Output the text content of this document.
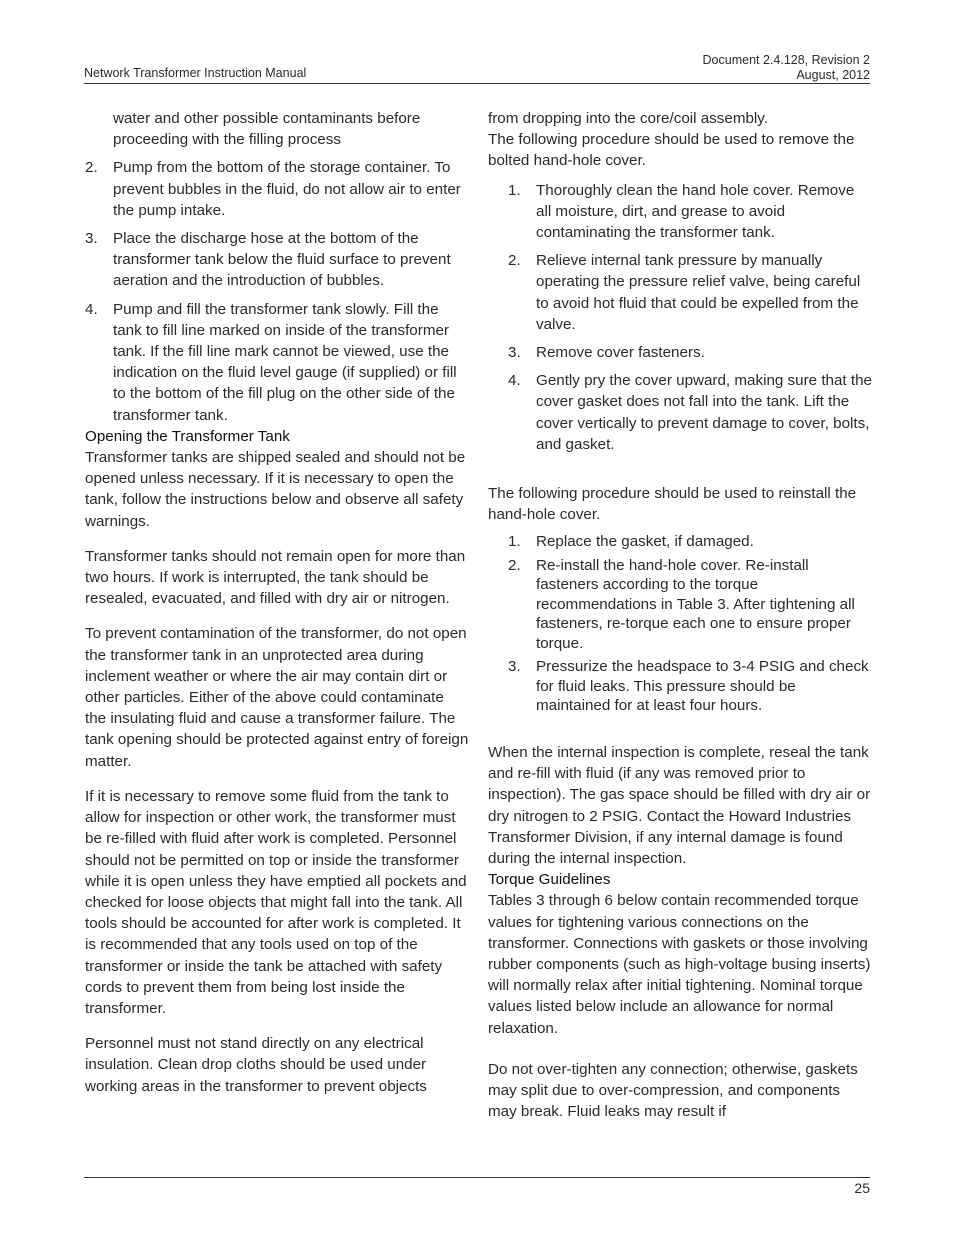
Network Transformer Instruction Manual
Document 2.4.128, Revision 2
August, 2012

water and other possible contaminants before proceeding with the filling process

2. Pump from the bottom of the storage container. To prevent bubbles in the fluid, do not allow air to enter the pump intake.
3. Place the discharge hose at the bottom of the transformer tank below the fluid surface to prevent aeration and the introduction of bubbles.
4. Pump and fill the transformer tank slowly. Fill the tank to fill line marked on inside of the transformer tank. If the fill line mark cannot be viewed, use the indication on the fluid level gauge (if supplied) or fill to the bottom of the fill plug on the other side of the transformer tank.
Opening the Transformer Tank

Transformer tanks are shipped sealed and should not be opened unless necessary. If it is necessary to open the tank, follow the instructions below and observe all safety warnings.

Transformer tanks should not remain open for more than two hours. If work is interrupted, the tank should be resealed, evacuated, and filled with dry air or nitrogen.

To prevent contamination of the transformer, do not open the transformer tank in an unprotected area during inclement weather or where the air may contain dirt or other particles. Either of the above could contaminate the insulating fluid and cause a transformer failure. The tank opening should be protected against entry of foreign matter.

If it is necessary to remove some fluid from the tank to allow for inspection or other work, the transformer must be re-filled with fluid after work is completed. Personnel should not be permitted on top or inside the transformer while it is open unless they have emptied all pockets and checked for loose objects that might fall into the tank. All tools should be accounted for after work is completed. It is recommended that any tools used on top of the transformer or inside the tank be attached with safety cords to prevent them from being lost inside the transformer.

Personnel must not stand directly on any electrical insulation. Clean drop cloths should be used under working areas in the transformer to prevent objects

from dropping into the core/coil assembly.

The following procedure should be used to remove the bolted hand-hole cover.

1. Thoroughly clean the hand hole cover. Remove all moisture, dirt, and grease to avoid contaminating the transformer tank.
2. Relieve internal tank pressure by manually operating the pressure relief valve, being careful to avoid hot fluid that could be expelled from the valve.
3. Remove cover fasteners.
4. Gently pry the cover upward, making sure that the cover gasket does not fall into the tank. Lift the cover vertically to prevent damage to cover, bolts, and gasket.

The following procedure should be used to reinstall the hand-hole cover.

1. Replace the gasket, if damaged.
2. Re-install the hand-hole cover. Re-install fasteners according to the torque recommendations in Table 3. After tightening all fasteners, re-torque each one to ensure proper torque.
3. Pressurize the headspace to 3-4 PSIG and check for fluid leaks. This pressure should be maintained for at least four hours.

When the internal inspection is complete, reseal the tank and re-fill with fluid (if any was removed prior to inspection). The gas space should be filled with dry air or dry nitrogen to 2 PSIG. Contact the Howard Industries Transformer Division, if any internal damage is found during the internal inspection.

Torque Guidelines

Tables 3 through 6 below contain recommended torque values for tightening various connections on the transformer. Connections with gaskets or those involving rubber components (such as high-voltage busing inserts) will normally relax after initial tightening. Nominal torque values listed below include an allowance for normal relaxation.

Do not over-tighten any connection; otherwise, gaskets may split due to over-compression, and components may break. Fluid leaks may result if

25
